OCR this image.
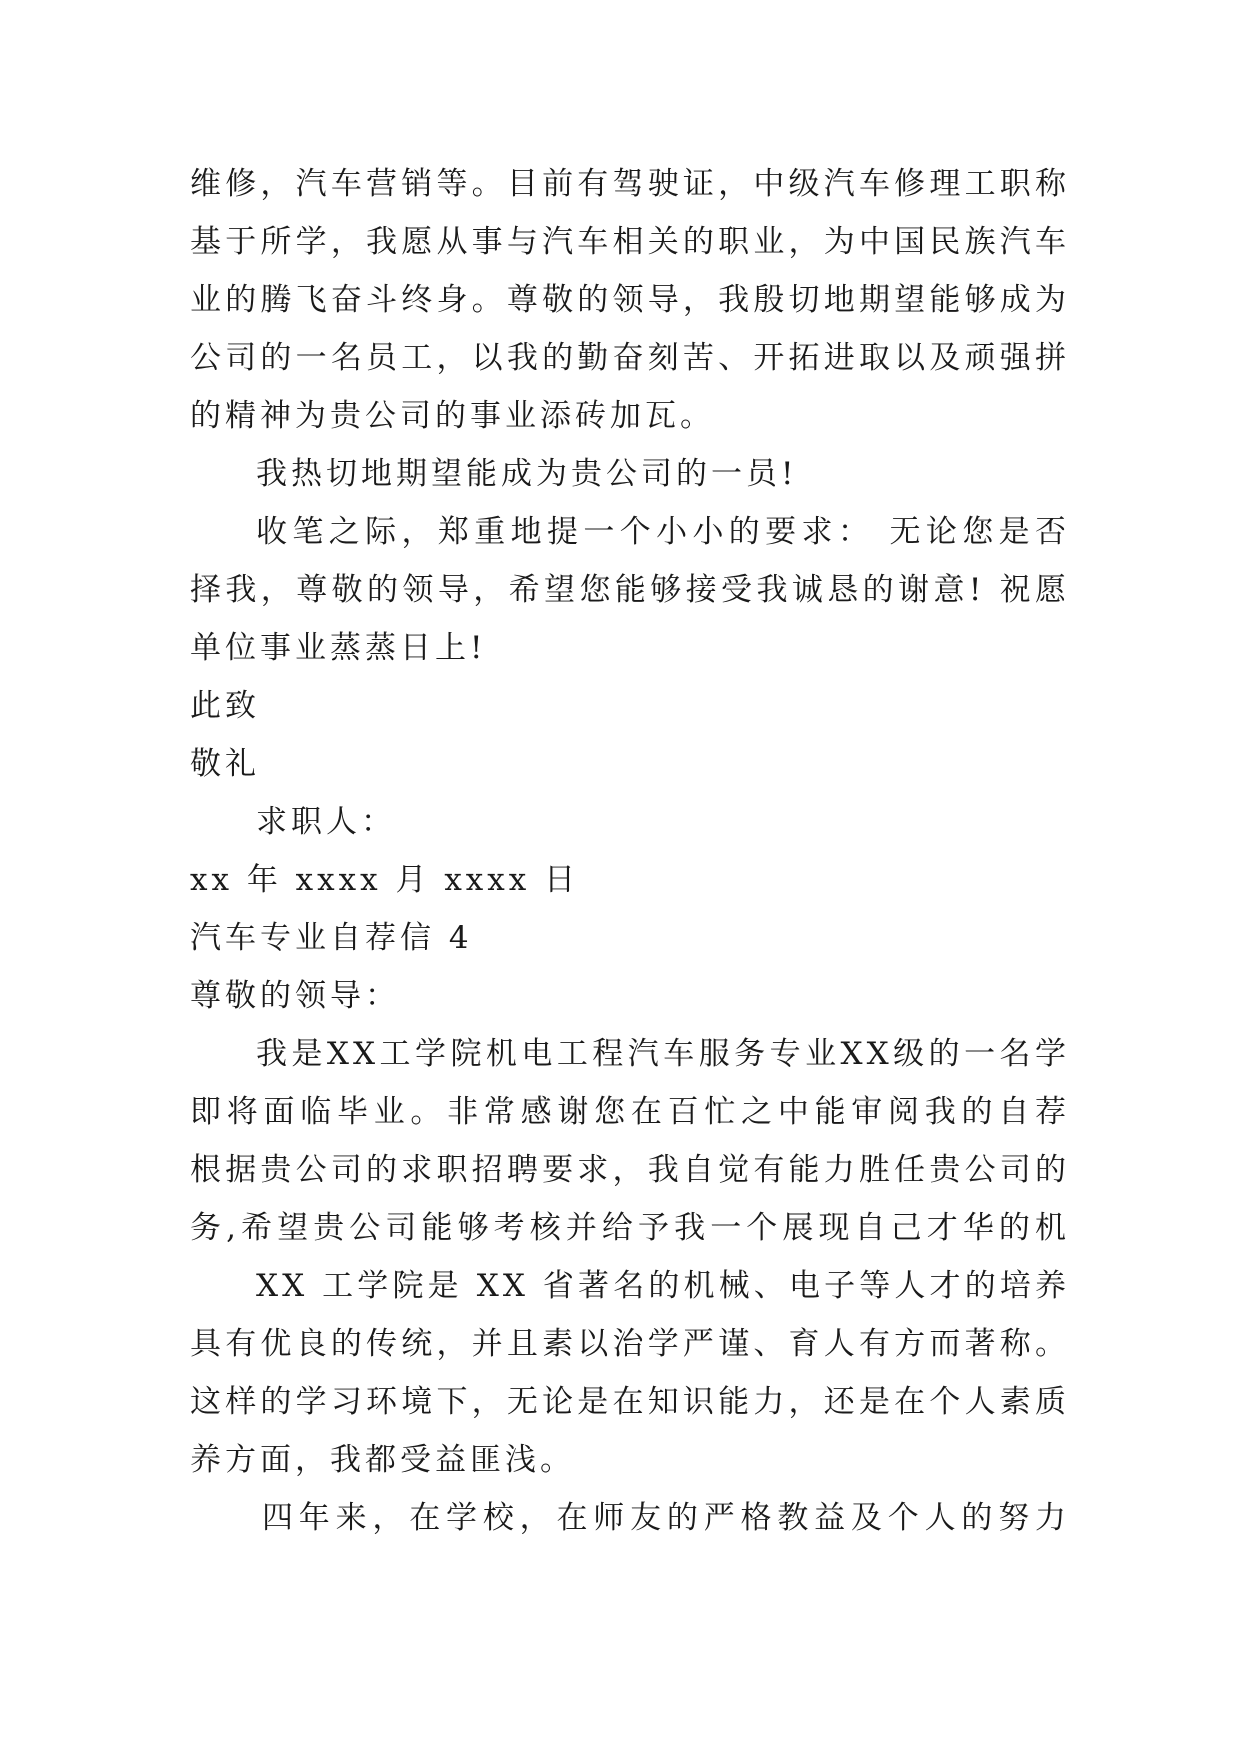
维修，汽车营销等。目前有驾驶证，中级汽车修理工职称
基于所学，我愿从事与汽车相关的职业，为中国民族汽车
业的腾飞奋斗终身。尊敬的领导，我殷切地期望能够成为
公司的一名员工，以我的勤奋刻苦、开拓进取以及顽强拼
的精神为贵公司的事业添砖加瓦。
我热切地期望能成为贵公司的一员!
收笔之际，郑重地提一个小小的要求： 无论您是否
择我，尊敬的领导，希望您能够接受我诚恳的谢意! 祝愿
单位事业蒸蒸日上!
此致
敬礼
求职人：
xx 年 xxxx 月 xxxx 日
汽车专业自荐信 4
尊敬的领导：
我是XX工学院机电工程汽车服务专业XX级的一名学
即将面临毕业。非常感谢您在百忙之中能审阅我的自荐
根据贵公司的求职招聘要求，我自觉有能力胜任贵公司的
务,希望贵公司能够考核并给予我一个展现自己才华的机
XX 工学院是 XX 省著名的机械、电子等人才的培养
具有优良的传统，并且素以治学严谨、育人有方而著称。
这样的学习环境下，无论是在知识能力，还是在个人素质
养方面，我都受益匪浅。
四年来，在学校，在师友的严格教益及个人的努力
